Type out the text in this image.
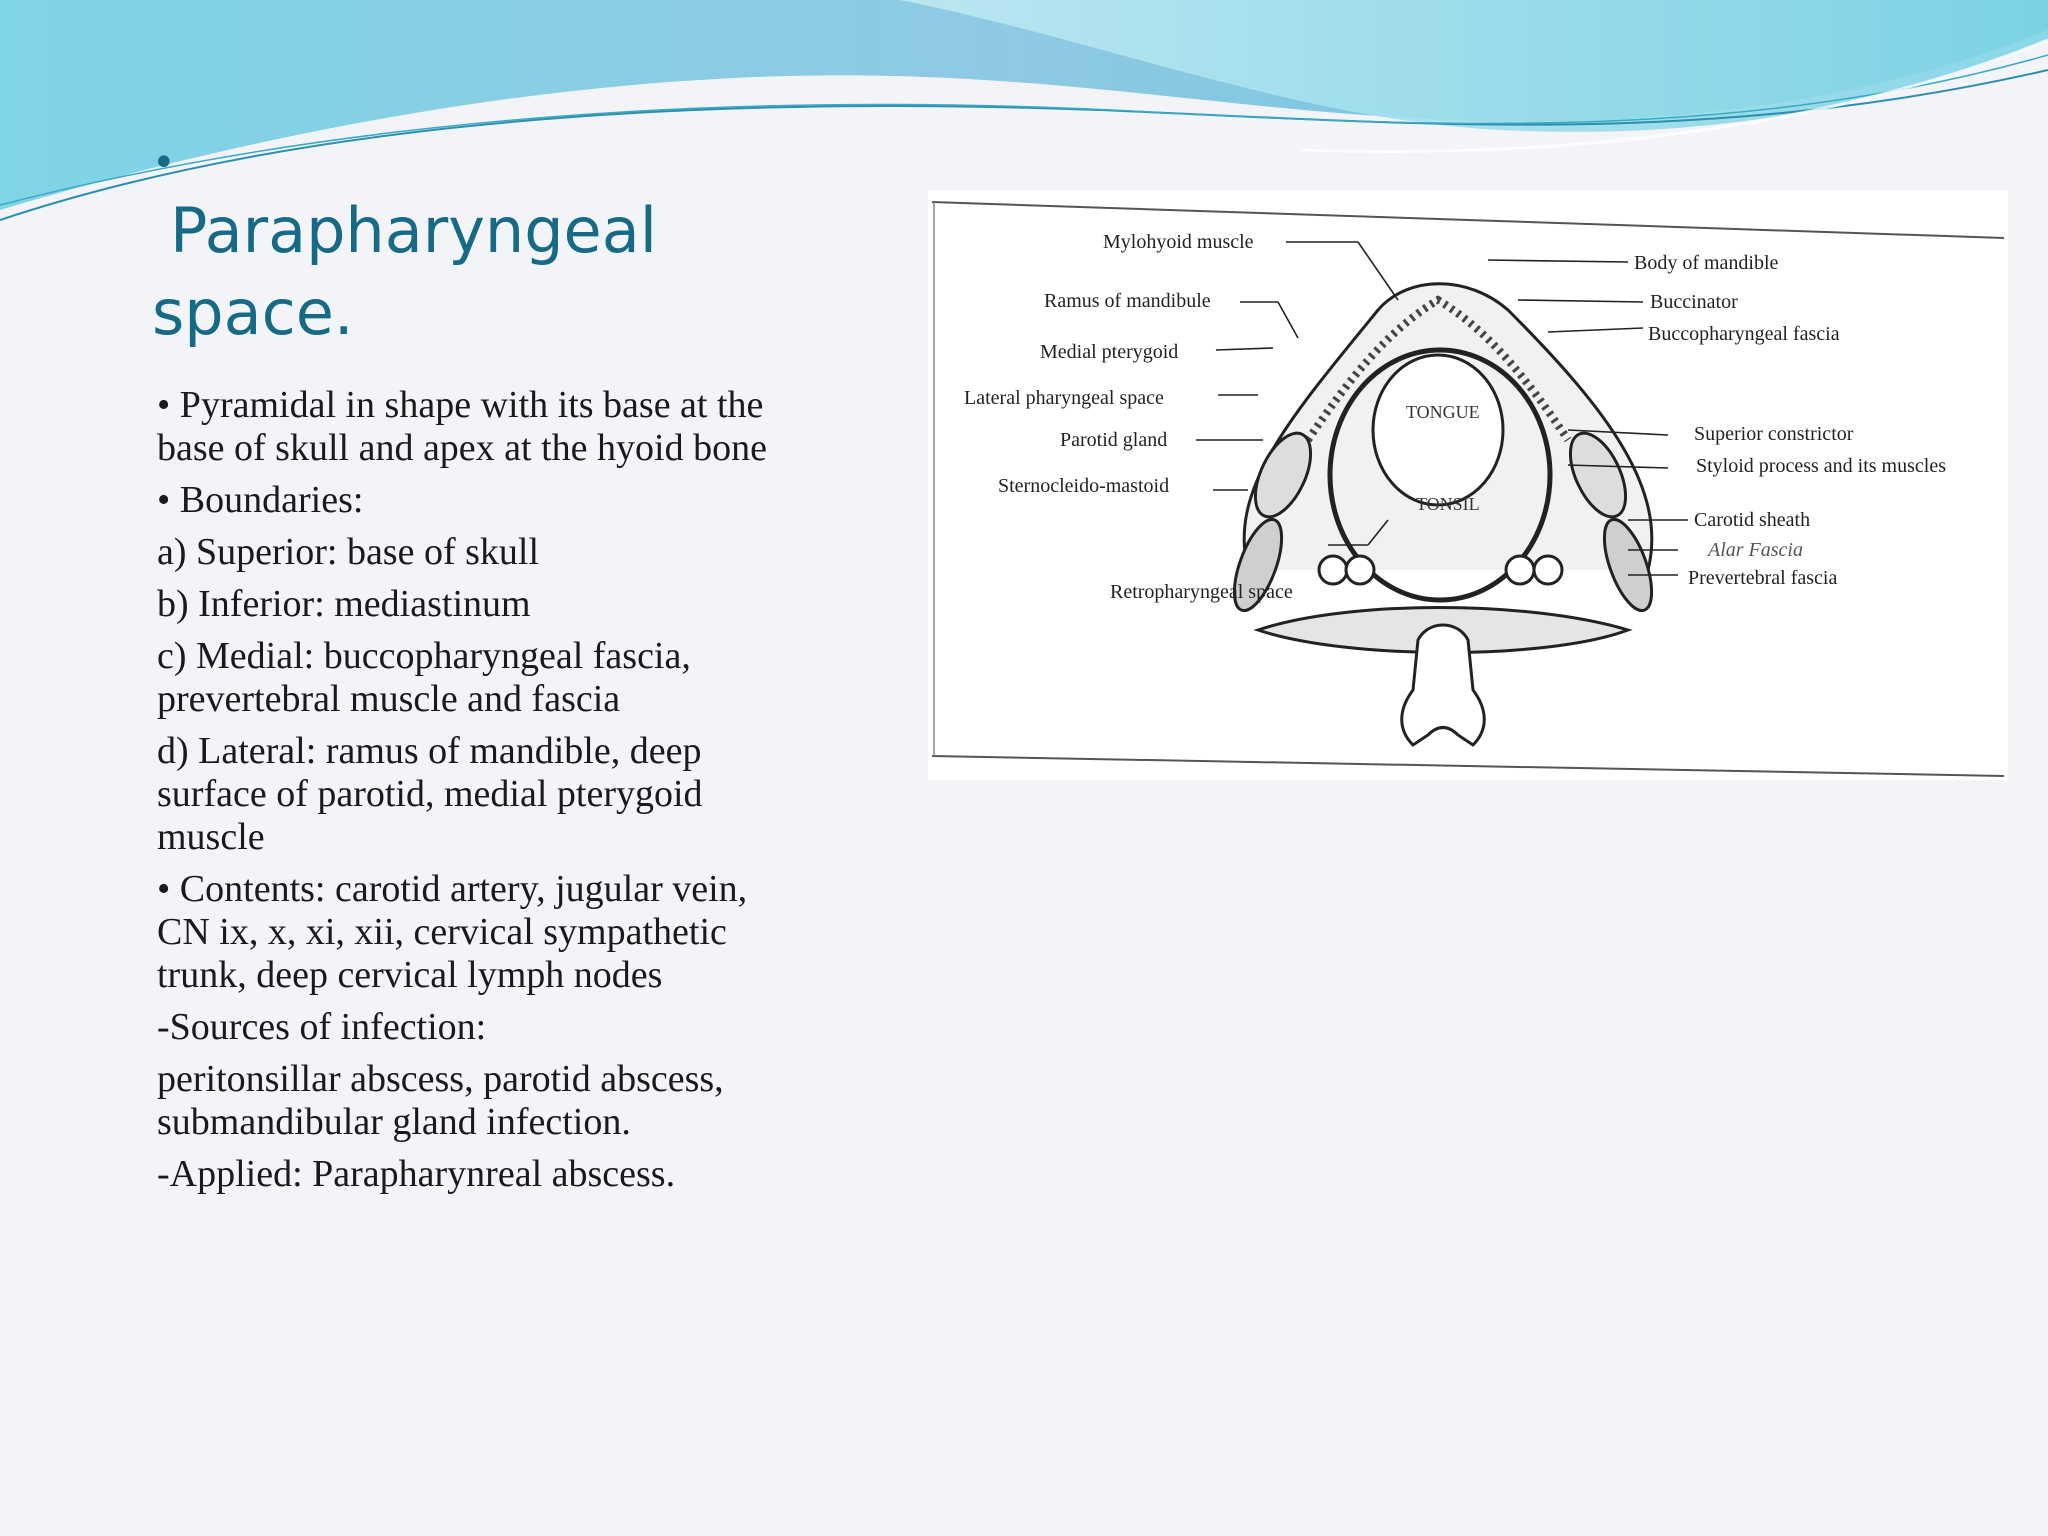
•
Parapharyngeal
space.

• Pyramidal in shape with its base at the base of skull and apex at the hyoid bone

• Boundaries:

a) Superior: base of skull

b) Inferior: mediastinum

c) Medial: buccopharyngeal fascia, prevertebral muscle and fascia

d) Lateral: ramus of mandible, deep surface of parotid, medial pterygoid muscle

• Contents: carotid artery, jugular vein, CN ix, x, xi, xii, cervical sympathetic trunk, deep cervical lymph nodes

-Sources of infection:

peritonsillar abscess, parotid abscess, submandibular gland infection.

-Applied: Parapharynreal abscess.

Mylohyoid muscle
Ramus of mandibule
Medial pterygoid
Lateral pharyngeal space
Parotid gland
Sternocleido-mastoid
Retropharyngeal space
Body of mandible
Buccinator
Buccopharyngeal fascia
Superior constrictor
Styloid process and its muscles
Carotid sheath
Alar Fascia
Prevertebral fascia
TONGUE
TONSIL
